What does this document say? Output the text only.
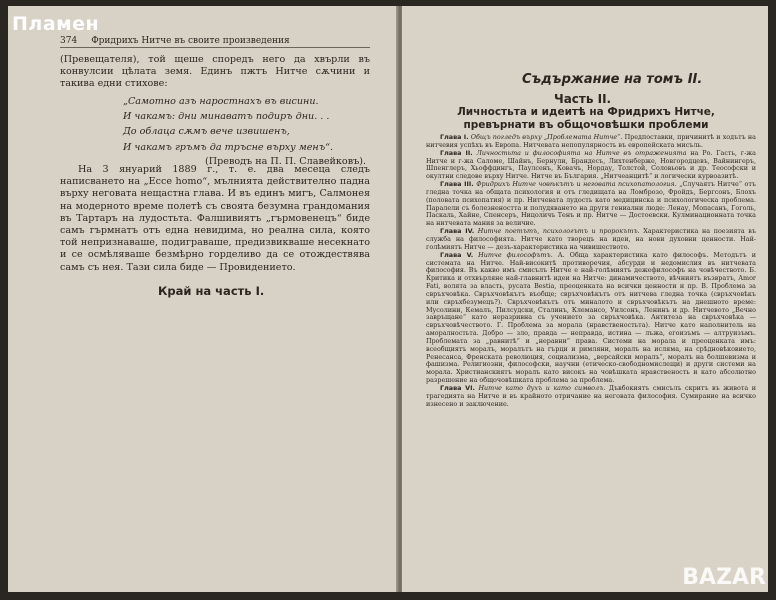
Пламен
BAZAR
374 Фридрихъ Нитче въ своите произведения

(Превещателя), той щеше споредъ него да хвърли въ конвулсии цѣлата земя. Единъ пжтъ Нитче сѫчини и такива едни стихове:

„Самотно азъ наростнахъ въ висини.
И чакамъ: дни минаватъ подиръ дни. . .
До облаца сѫмъ вече извишенъ,
И чакамъ гръмъ да тръсне върху менъ“.
(Преводъ на П. П. Славейковъ).

На 3 януарий 1889 г., т. е. два месеца следъ написването на „Ecce homo“, мълнията действително падна върху неговата нещастна глава. И въ единъ мигъ, Салмонея на модерното време полетѣ съ своята безумна грандомания въ Тартаръ на лудостьта. Фалшивиятъ „гърмовенецъ“ биде самъ гърмнатъ отъ една невидима, но реална сила, която той непризнаваше, подиграваше, предизвикваше несекнато и се осмѣляваше безмѣрно горделиво да се отождествява самъ съ нея. Тази сила биде — Провидението.

Край на часть I.
Съдържание на томъ II.
Часть II.
Личностьта и идеитѣ на Фридрихъ Нитче, превърнати въ общочовѣшки проблеми

Глава I. Общъ погледъ върху „Проблемата Нитче“. Предпоставки, причинитѣ и ходътъ на нитчевия успѣхъ въ Европа. Нитчевата непопулярность въ европейската мисъль.

Глава II. Личностьта и философията на Нитче въ отраженията на Ро. Гасть, г-жа Нитче и г-жа Саломе, Шайнъ, Бернули, Брандесъ, Лихтенберже, Новгородцевъ, Вайнингеръ, Шпенглеръ, Хьоффдингъ, Паулсенъ, Ковачъ, Нордау, Толстой, Соловьовъ и др. Теософски и окултни следове върху Нитче. Нитче въ България. „Нитчеанцитѣ“ и логически курвоазитѣ.

Глава III. Фридрихъ Нитче човѣкътъ и неговата психопатология. „Случаятъ Нитче“ отъ гледна точка на общата психология и отъ гледищата на Ломброзо, Фройдъ, Бергсонъ, Блохъ (половата психопатия) и пр. Нитчевата лудость като медицинска и психологическа проблема. Паралели съ болезнеността и полудяването на други гениални люде: Ленау, Мопасанъ, Гоголь, Паскаль, Хайне, Спенсеръ, Ницоличъ Тенъ и пр. Нитче — Достоевски. Кулминационната точка на нитчевата мания за величие.

Глава IV. Нитче поетътъ, психологътъ и пророкътъ. Характеристика на поезията въ служба на философията. Нитче като творецъ на идеи, на нови духовни ценности. Най-голѣмиятъ Нитче — дезъ-характеристика на чивишеството.

Глава V. Нитче философътъ. А. Обща характеристика като философъ. Методътъ и системата на Нитче. Най-високитѣ противоречия, абсурди и недомислия въ нитчевата философия. Въ какво имъ смисълъ Нитче е най-голѣмиятъ дежефилософъ на човѣчеството. Б. Критика и отхвърляне най-главнитѣ идеи на Нитче: динамичеството, вѣчниятъ възвратъ, Amor Fati, волята за власть, русата Bestia, преоценката на всички ценности и пр. В. Проблема за свръхчовѣка. Свръхчовѣкътъ въобще; свръхчовѣкътъ отъ нитчева гледна точка (свръхчовѣкъ или свръхбезумецъ?). Свръхчовѣкътъ отъ миналото и свръхчовѣкътъ на днешното време: Мусолини, Кемалъ, Пилсудски, Сталинъ, Клемансо, Уилсонъ, Ленинъ и др. Нитчевото „Вечно завръщане“ като неразривна съ учението за свръхчовѣка. Антитеза на свръхчовѣка — свръхчовѣчеството. Г. Проблема за морала (нравственостьта). Нитче като наполнитель на аморалностьта. Добро — зло, правда — неправда, истина — лъжа, егоизъмъ — алтруизъмъ. Проблемата за „равнитѣ“ и „неравни“ права. Системи на морала и преоценката имъ: всеобщиятъ моралъ, моралътъ на гърци и римляни, моралъ на исляма, на срѣдновѣковието, Ренесанса, Френската революция, социализма, „версайски моралъ“, моралъ на болшевизма и фашизма. Религиозни, философски, научни (етическо-свободномислещи) и други системи на морала. Христианскиятъ моралъ като високъ на човѣшката нравственость и като абсолютно разрешение на общочовѣшката проблема за проблема.

Глава VI. Нитче като духъ и като символъ. Дъвбокиятъ смисълъ скритъ въ живота и трагедията на Нитче и въ крайното отричание на неговата философия. Сумирание на всичко изнесено и заключение.
